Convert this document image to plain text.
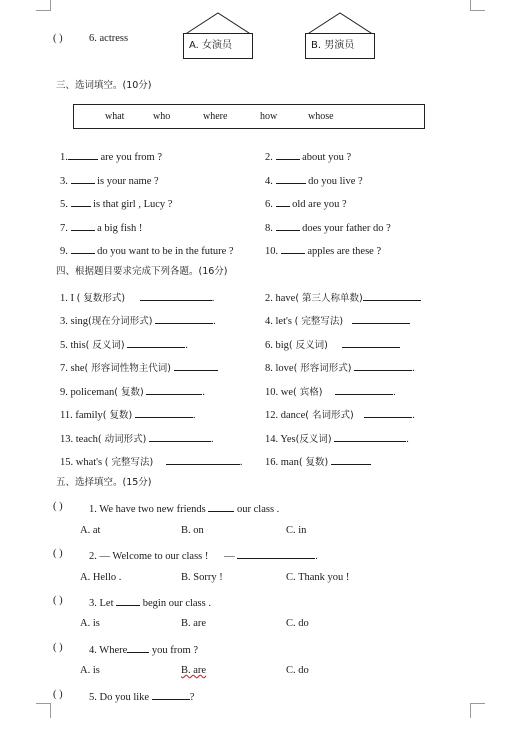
( )	6. actress
A. 女演员	B. 男演员
三、选词填空。(10分)
what	who	where	how	whose
1.	are you from ?	2.	about you ?
3.	is your name ?	4.	do you live ?
5. is that girl , Lucy ?	6. old are you ?
7.	a big fish !	8.	does your father do ?
9.	do you want to be in the future ?	10.	apples are these ?
四、根据题目要求完成下列各题。(16分)
1. I ( 复数形式)	.	2. have( 第三人称单数)
3. sing(现在分词形式)	.	4. let's ( 完整写法)
5. this( 反义词)	.	6. big( 反义词)
7. she( 形容词性物主代词)	8. love( 形容词形式)	.
9. policeman( 复数)	.	10. we( 宾格)	.
11. family( 复数)	.	12. dance( 名词形式)	.
13. teach( 动词形式)	.	14. Yes(反义词)	.
15. what's ( 完整写法)	. 16. man( 复数)
五、选择填空。(15分)
( )	1. We have two new friends	our class .
A. at	B. on	C. in
( )	2. — Welcome to our class ! —	.
A. Hello .	B. Sorry !	C. Thank you !
( )	3. Let	begin our class .
A. is	B. are	C. do
( )	4. Where you from ?
A. is	B. are	C. do
( )	5. Do you like	?
